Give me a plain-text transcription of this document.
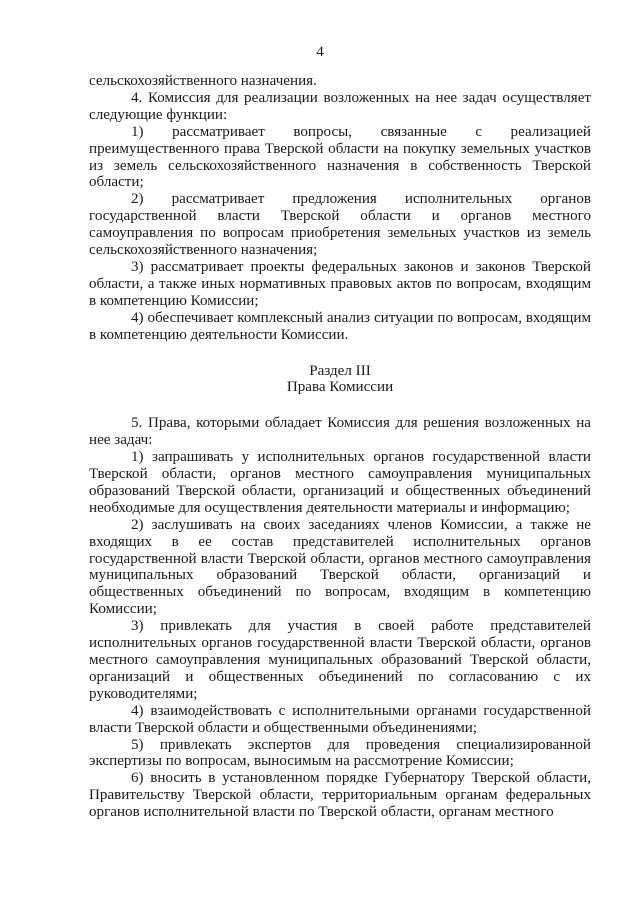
4

сельскохозяйственного назначения.

4. Комиссия для реализации возложенных на нее задач осуществляет следующие функции:

1) рассматривает вопросы, связанные с реализацией преимущественного права Тверской области на покупку земельных участков из земель сельскохозяйственного назначения в собственность Тверской области;

2) рассматривает предложения исполнительных органов государственной власти Тверской области и органов местного самоуправления по вопросам приобретения земельных участков из земель сельскохозяйственного назначения;

3) рассматривает проекты федеральных законов и законов Тверской области, а также иных нормативных правовых актов по вопросам, входящим в компетенцию Комиссии;

4) обеспечивает комплексный анализ ситуации по вопросам, входящим в компетенцию деятельности Комиссии.

Раздел III

Права Комиссии

5. Права, которыми обладает Комиссия для решения возложенных на нее задач:

1) запрашивать у исполнительных органов государственной власти Тверской области, органов местного самоуправления муниципальных образований Тверской области, организаций и общественных объединений необходимые для осуществления деятельности материалы и информацию;

2) заслушивать на своих заседаниях членов Комиссии, а также не входящих в ее состав представителей исполнительных органов государственной власти Тверской области, органов местного самоуправления муниципальных образований Тверской области, организаций и общественных объединений по вопросам, входящим в компетенцию Комиссии;

3) привлекать для участия в своей работе представителей исполнительных органов государственной власти Тверской области, органов местного самоуправления муниципальных образований Тверской области, организаций и общественных объединений по согласованию с их руководителями;

4) взаимодействовать с исполнительными органами государственной власти Тверской области и общественными объединениями;

5) привлекать экспертов для проведения специализированной экспертизы по вопросам, выносимым на рассмотрение Комиссии;

6) вносить в установленном порядке Губернатору Тверской области, Правительству Тверской области, территориальным органам федеральных органов исполнительной власти по Тверской области, органам местного
